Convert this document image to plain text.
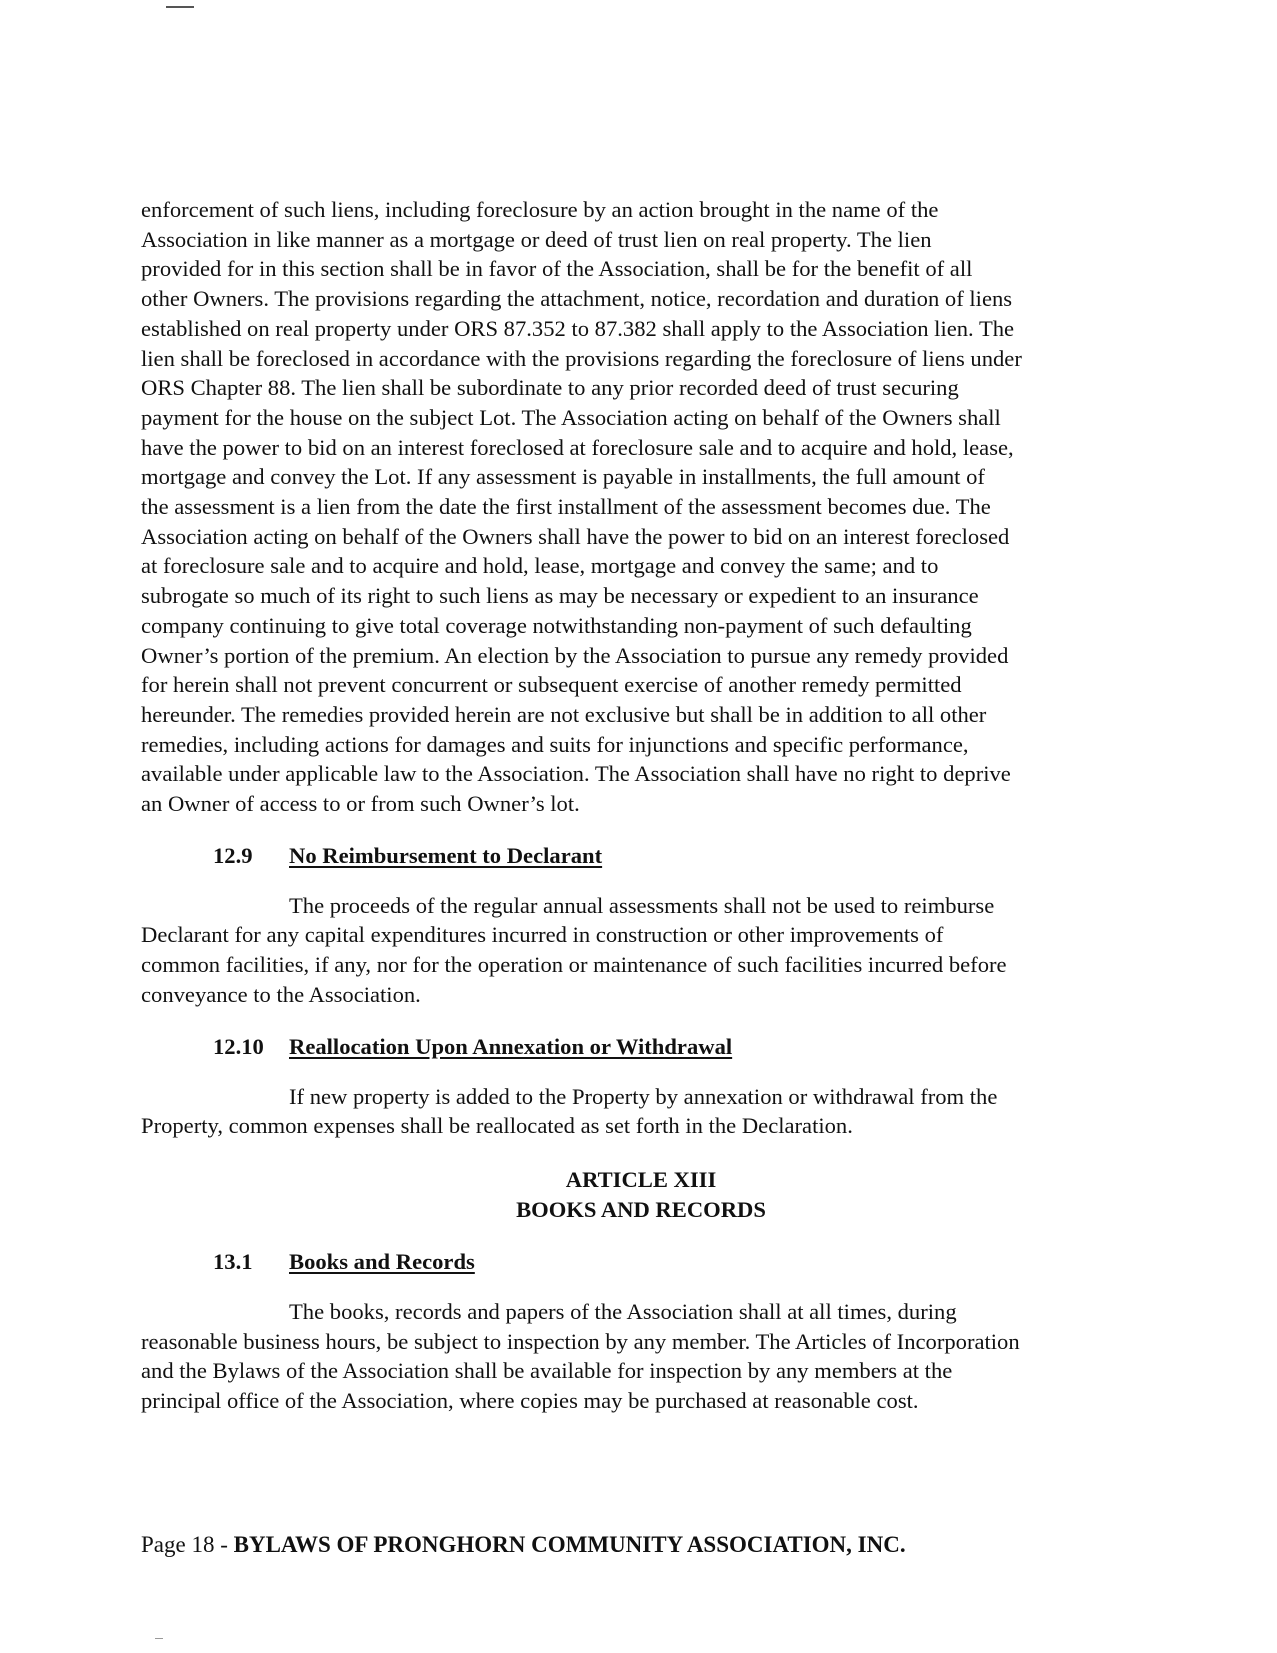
enforcement of such liens, including foreclosure by an action brought in the name of the
Association in like manner as a mortgage or deed of trust lien on real property. The lien
provided for in this section shall be in favor of the Association, shall be for the benefit of all
other Owners. The provisions regarding the attachment, notice, recordation and duration of liens
established on real property under ORS 87.352 to 87.382 shall apply to the Association lien. The
lien shall be foreclosed in accordance with the provisions regarding the foreclosure of liens under
ORS Chapter 88. The lien shall be subordinate to any prior recorded deed of trust securing
payment for the house on the subject Lot. The Association acting on behalf of the Owners shall
have the power to bid on an interest foreclosed at foreclosure sale and to acquire and hold, lease,
mortgage and convey the Lot. If any assessment is payable in installments, the full amount of
the assessment is a lien from the date the first installment of the assessment becomes due. The
Association acting on behalf of the Owners shall have the power to bid on an interest foreclosed
at foreclosure sale and to acquire and hold, lease, mortgage and convey the same; and to
subrogate so much of its right to such liens as may be necessary or expedient to an insurance
company continuing to give total coverage notwithstanding non-payment of such defaulting
Owner’s portion of the premium. An election by the Association to pursue any remedy provided
for herein shall not prevent concurrent or subsequent exercise of another remedy permitted
hereunder. The remedies provided herein are not exclusive but shall be in addition to all other
remedies, including actions for damages and suits for injunctions and specific performance,
available under applicable law to the Association. The Association shall have no right to deprive
an Owner of access to or from such Owner’s lot.
12.9	No Reimbursement to Declarant
The proceeds of the regular annual assessments shall not be used to reimburse
Declarant for any capital expenditures incurred in construction or other improvements of
common facilities, if any, nor for the operation or maintenance of such facilities incurred before
conveyance to the Association.
12.10	Reallocation Upon Annexation or Withdrawal
If new property is added to the Property by annexation or withdrawal from the
Property, common expenses shall be reallocated as set forth in the Declaration.

ARTICLE XIII

BOOKS AND RECORDS

13.1	Books and Records
The books, records and papers of the Association shall at all times, during
reasonable business hours, be subject to inspection by any member. The Articles of Incorporation
and the Bylaws of the Association shall be available for inspection by any members at the
principal office of the Association, where copies may be purchased at reasonable cost.
Page 18 - BYLAWS OF PRONGHORN COMMUNITY ASSOCIATION, INC.
